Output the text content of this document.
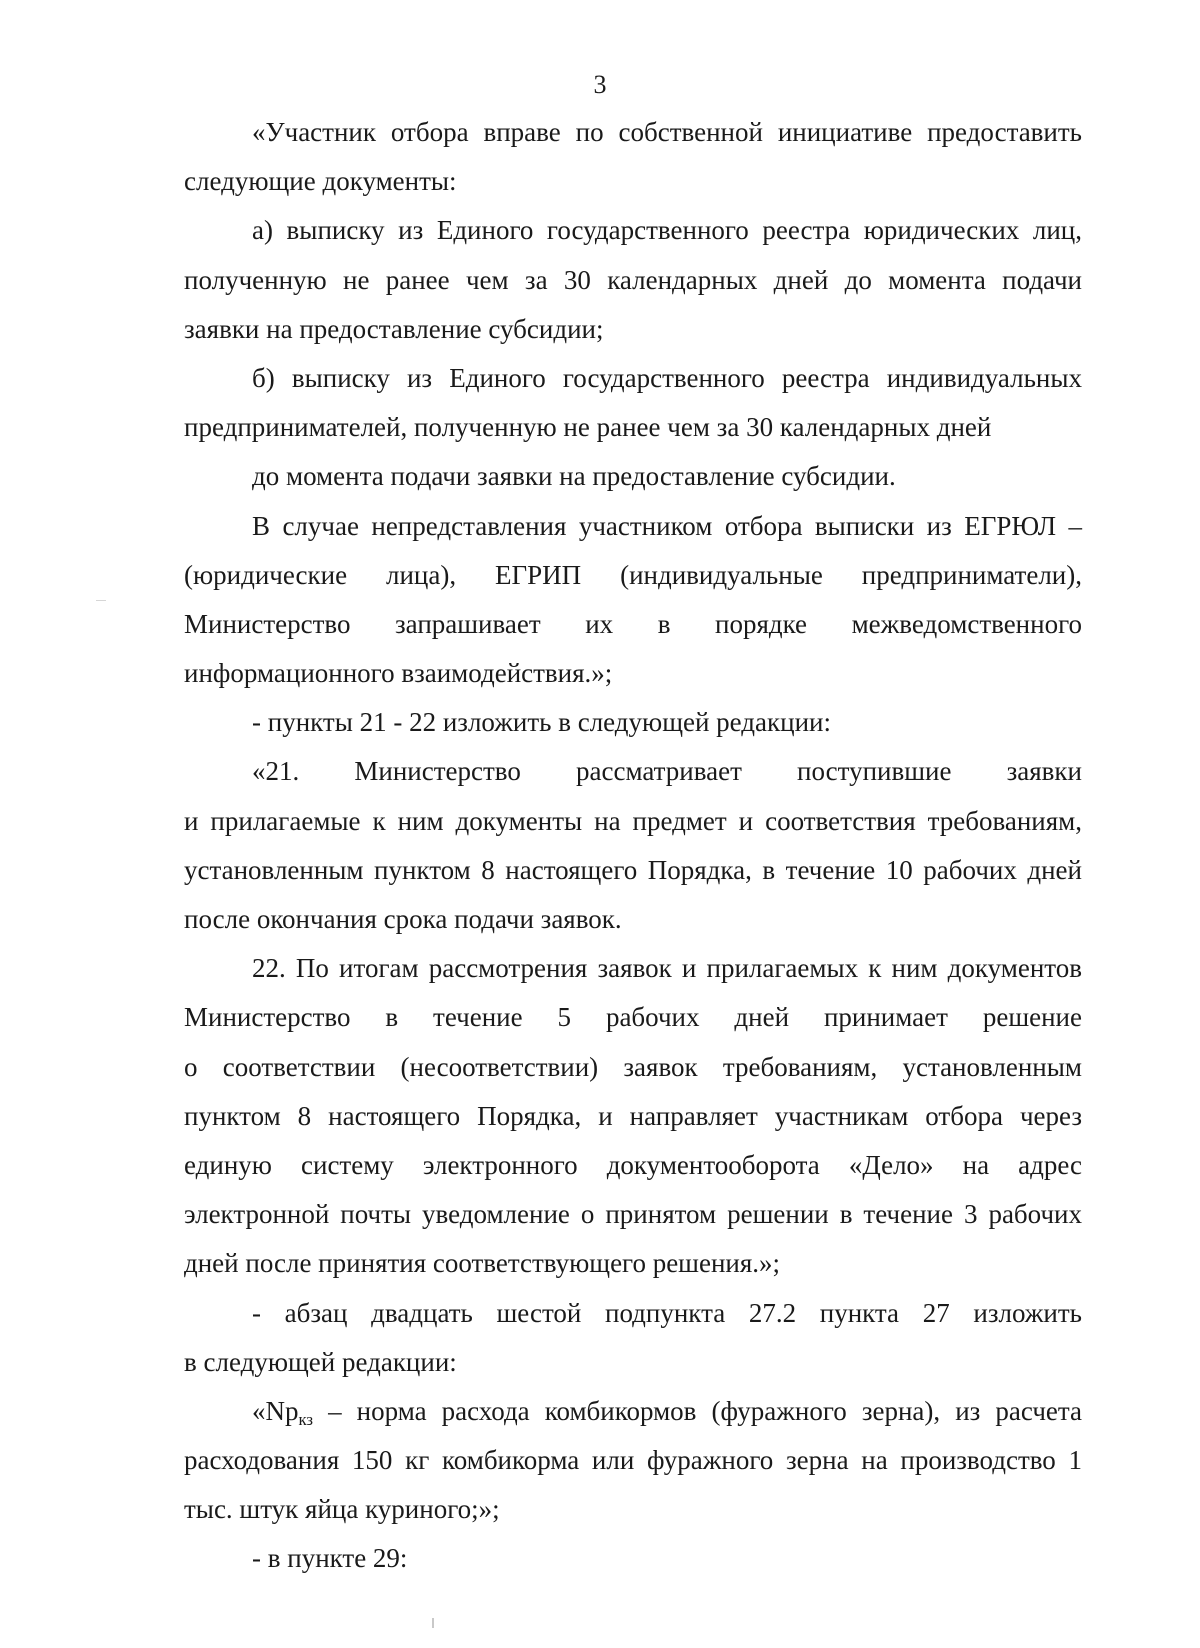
3
«Участник отбора вправе по собственной инициативе предоставить
следующие документы:
а) выписку из Единого государственного реестра юридических лиц,
полученную не ранее чем за 30 календарных дней до момента подачи
заявки на предоставление субсидии;
б) выписку из Единого государственного реестра индивидуальных
предпринимателей, полученную не ранее чем за 30 календарных дней
до момента подачи заявки на предоставление субсидии.
В случае непредставления участником отбора выписки из ЕГРЮЛ –
(юридические лица), ЕГРИП (индивидуальные предприниматели),
Министерство запрашивает их в порядке межведомственного
информационного взаимодействия.»;
- пункты 21 - 22 изложить в следующей редакции:
«21. Министерство рассматривает поступившие заявки
и прилагаемые к ним документы на предмет и соответствия требованиям,
установленным пунктом 8 настоящего Порядка, в течение 10 рабочих дней
после окончания срока подачи заявок.
22. По итогам рассмотрения заявок и прилагаемых к ним документов
Министерство в течение 5 рабочих дней принимает решение
о соответствии (несоответствии) заявок требованиям, установленным
пунктом 8 настоящего Порядка, и направляет участникам отбора через
единую систему электронного документооборота «Дело» на адрес
электронной почты уведомление о принятом решении в течение 3 рабочих
дней после принятия соответствующего решения.»;
- абзац двадцать шестой подпункта 27.2 пункта 27 изложить
в следующей редакции:
«Npкз – норма расхода комбикормов (фуражного зерна), из расчета
расходования 150 кг комбикорма или фуражного зерна на производство 1
тыс. штук яйца куриного;»;
- в пункте 29:
